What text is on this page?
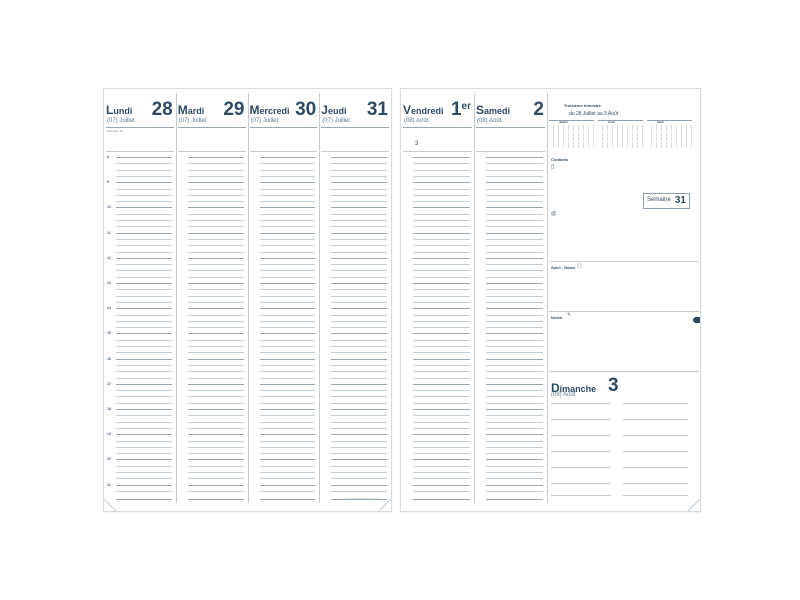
Lundi 28
(07) Juillet
Semaine 31
8
9
10
11
12
13
14
15
16
17
18
19
20
21
Mardi 29
(07) Juillet
Mercredi 30
(07) Juillet
Jeudi 31
(07) Juillet
www.quovadisplanning.com
Vendredi 1er
(08) Août
3
Samedi 2
(08) Août
Troisième trimestre
du 28 Juillet au 3 Août
Semaine 31
Juillet	Août	Sept.
Contacts
▯
@
Suivi - Notes ▢
Notes ✎
Dimanche 3
(08) Août
